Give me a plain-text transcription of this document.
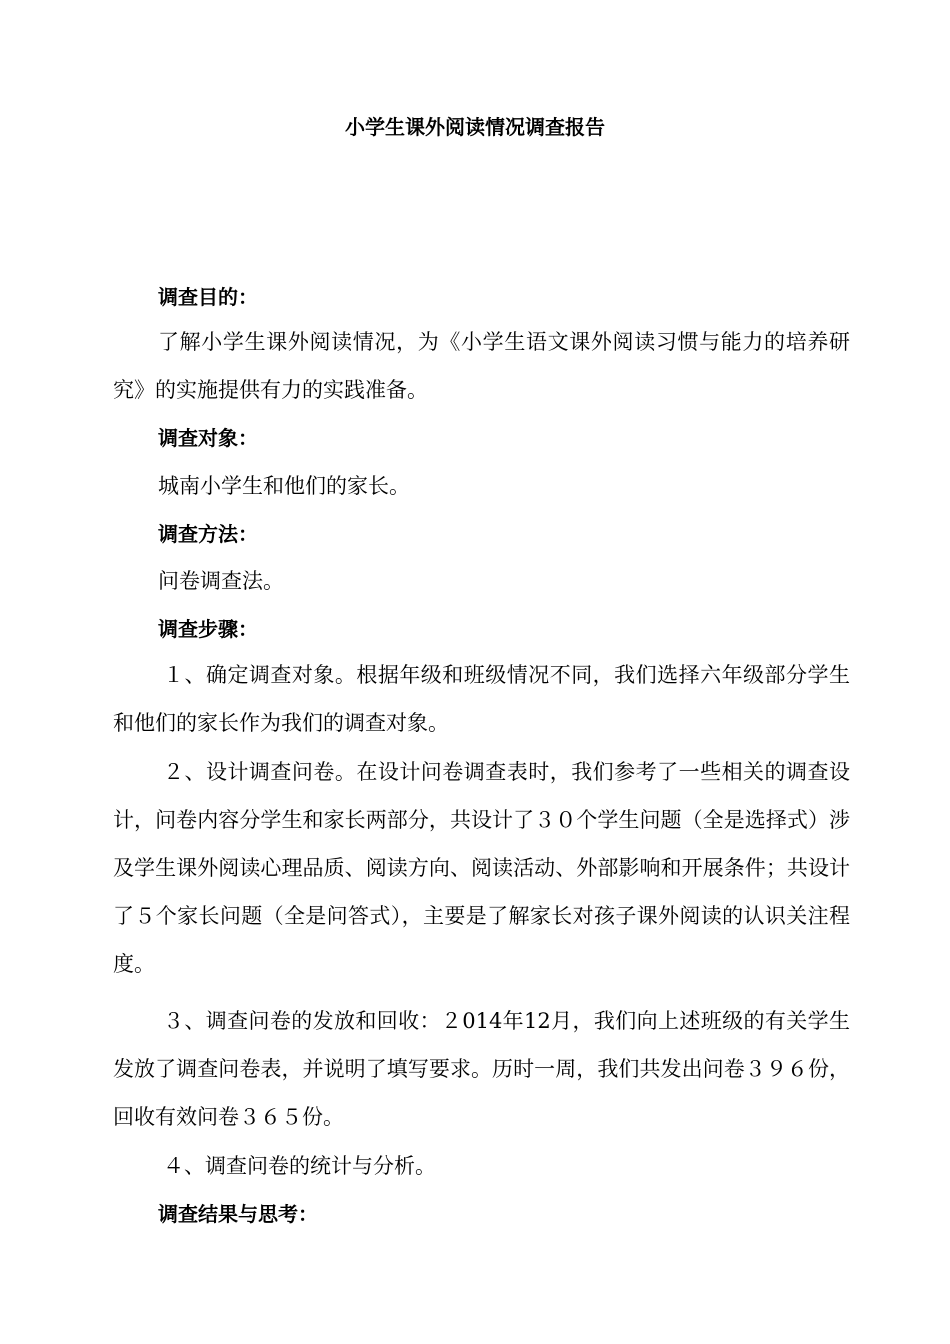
小学生课外阅读情况调查报告
调查目的：

了解小学生课外阅读情况，为《小学生语文课外阅读习惯与能力的培养研究》的实施提供有力的实践准备。

调查对象：

城南小学生和他们的家长。

调查方法：

问卷调查法。

调查步骤：

１、确定调查对象。根据年级和班级情况不同，我们选择六年级部分学生和他们的家长作为我们的调查对象。

２、设计调查问卷。在设计问卷调查表时，我们参考了一些相关的调查设计，问卷内容分学生和家长两部分，共设计了３０个学生问题（全是选择式）涉及学生课外阅读心理品质、阅读方向、阅读活动、外部影响和开展条件；共设计了５个家长问题（全是问答式），主要是了解家长对孩子课外阅读的认识关注程度。

３、调查问卷的发放和回收：２014年12月，我们向上述班级的有关学生发放了调查问卷表，并说明了填写要求。历时一周，我们共发出问卷３９６份，回收有效问卷３６５份。

４、调查问卷的统计与分析。

调查结果与思考：
